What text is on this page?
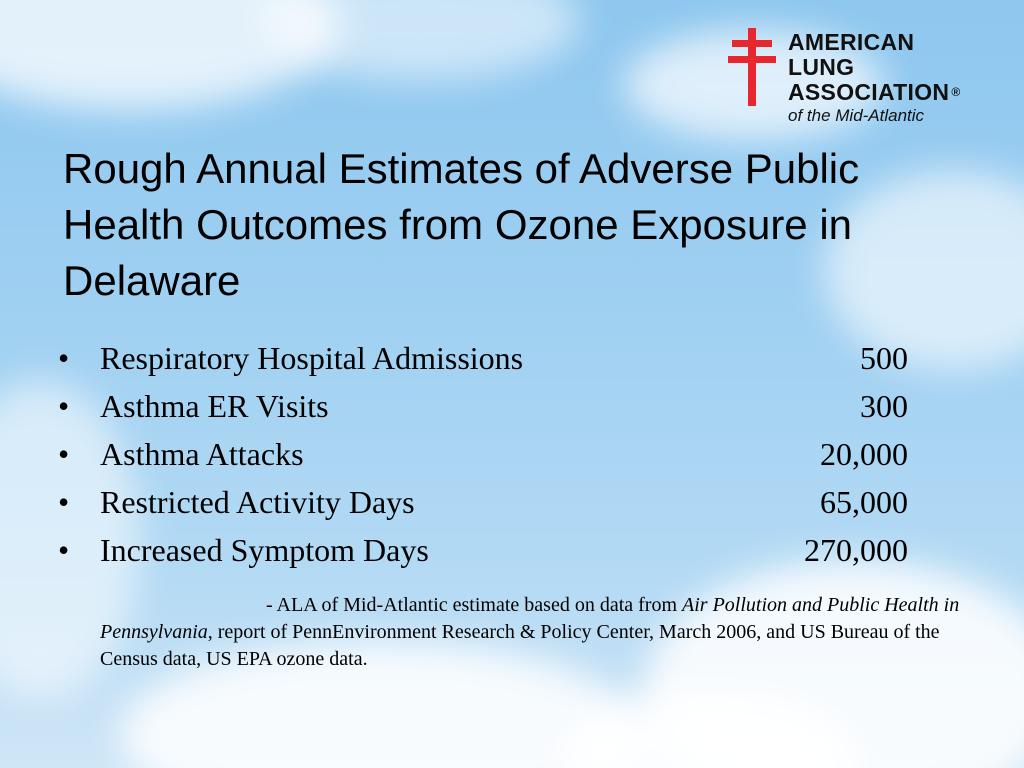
AMERICAN
LUNG
ASSOCIATION ®
of the Mid-Atlantic
Rough Annual Estimates of Adverse Public Health Outcomes from Ozone Exposure in Delaware
• Respiratory Hospital Admissions	500
• Asthma ER Visits	300
• Asthma Attacks	20,000
• Restricted Activity Days	65,000
• Increased Symptom Days	270,000

- ALA of Mid-Atlantic estimate based on data from Air Pollution and Public Health in Pennsylvania, report of PennEnvironment Research & Policy Center, March 2006, and US Bureau of the Census data, US EPA ozone data.
